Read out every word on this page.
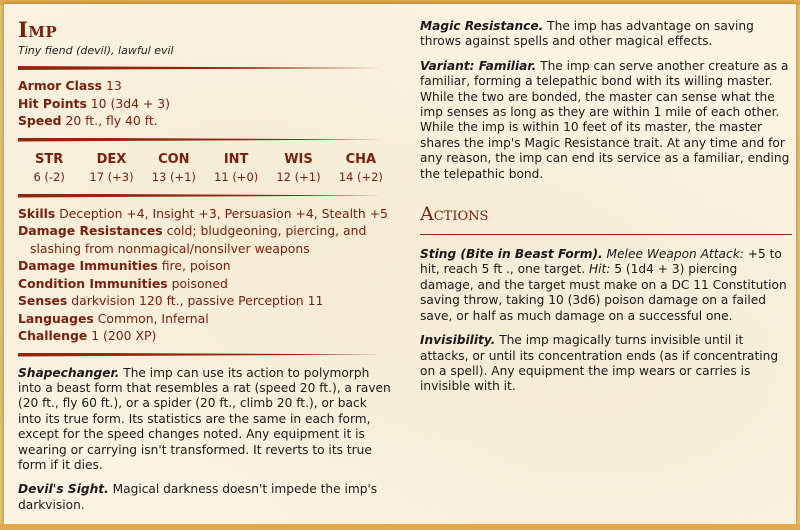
Imp
Tiny fiend (devil), lawful evil
Armor Class 13
Hit Points 10 (3d4 + 3)
Speed 20 ft., fly 40 ft.
STR
6 (-2)
DEX
17 (+3)
CON
13 (+1)
INT
11 (+0)
WIS
12 (+1)
CHA
14 (+2)
Skills Deception +4, Insight +3, Persuasion +4, Stealth +5
Damage Resistances cold; bludgeoning, piercing, and slashing from nonmagical/nonsilver weapons
Damage Immunities fire, poison
Condition Immunities poisoned
Senses darkvision 120 ft., passive Perception 11
Languages Common, Infernal
Challenge 1 (200 XP)

Shapechanger. The imp can use its action to polymorph into a beast form that resembles a rat (speed 20 ft.), a raven (20 ft., fly 60 ft.), or a spider (20 ft., climb 20 ft.), or back into its true form. Its statistics are the same in each form, except for the speed changes noted. Any equipment it is wearing or carrying isn't transformed. It reverts to its true form if it dies.

Devil's Sight. Magical darkness doesn't impede the imp's darkvision.

Magic Resistance. The imp has advantage on saving throws against spells and other magical effects.

Variant: Familiar. The imp can serve another creature as a familiar, forming a telepathic bond with its willing master. While the two are bonded, the master can sense what the imp senses as long as they are within 1 mile of each other. While the imp is within 10 feet of its master, the master shares the imp's Magic Resistance trait. At any time and for any reason, the imp can end its service as a familiar, ending the telepathic bond.

Actions

Sting (Bite in Beast Form). Melee Weapon Attack: +5 to hit, reach 5 ft ., one target. Hit: 5 (1d4 + 3) piercing damage, and the target must make on a DC 11 Constitution saving throw, taking 10 (3d6) poison damage on a failed save, or half as much damage on a successful one.

Invisibility. The imp magically turns invisible until it attacks, or until its concentration ends (as if concentrating on a spell). Any equipment the imp wears or carries is invisible with it.
